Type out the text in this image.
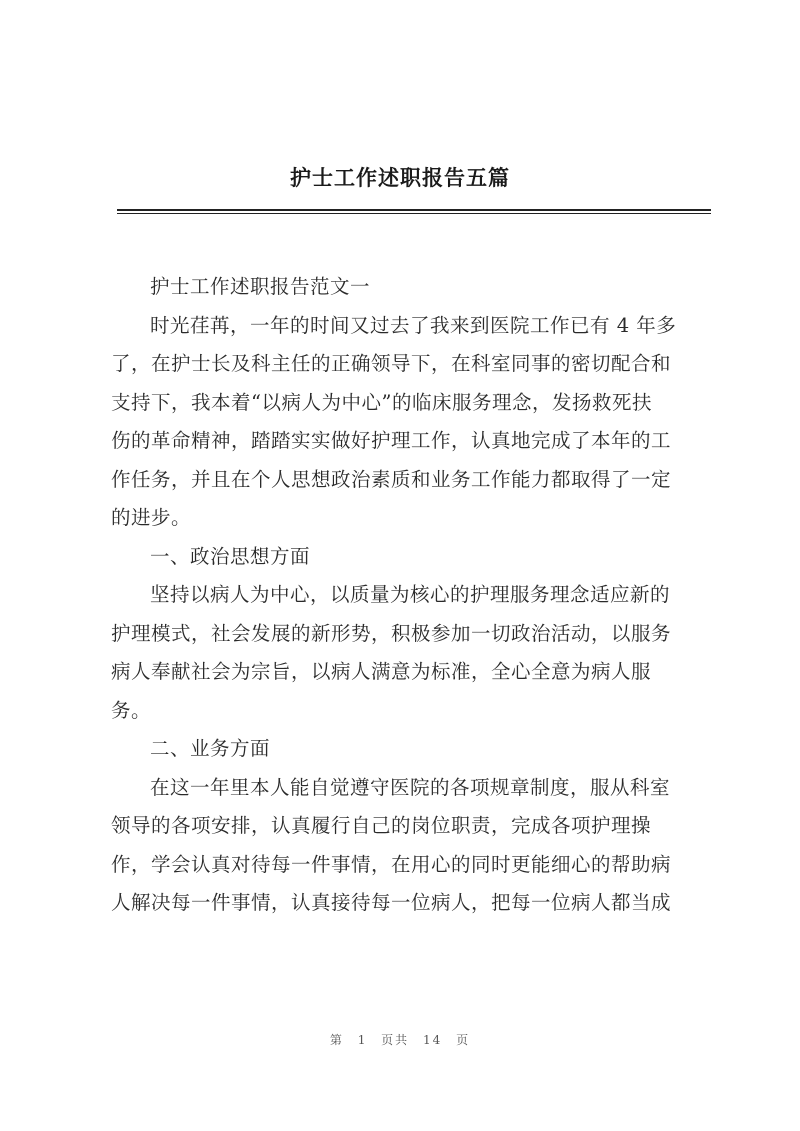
护士工作述职报告五篇
护士工作述职报告范文一
时光荏苒，一年的时间又过去了我来到医院工作已有 4 年多
了，在护士长及科主任的正确领导下，在科室同事的密切配合和
支持下，我本着“以病人为中心”的临床服务理念，发扬救死扶
伤的革命精神，踏踏实实做好护理工作，认真地完成了本年的工
作任务，并且在个人思想政治素质和业务工作能力都取得了一定
的进步。
一、政治思想方面
坚持以病人为中心，以质量为核心的护理服务理念适应新的
护理模式，社会发展的新形势，积极参加一切政治活动，以服务
病人奉献社会为宗旨，以病人满意为标准，全心全意为病人服
务。
二、业务方面
在这一年里本人能自觉遵守医院的各项规章制度，服从科室
领导的各项安排，认真履行自己的岗位职责，完成各项护理操
作，学会认真对待每一件事情，在用心的同时更能细心的帮助病
人解决每一件事情，认真接待每一位病人，把每一位病人都当成
第 1 页共 14 页
